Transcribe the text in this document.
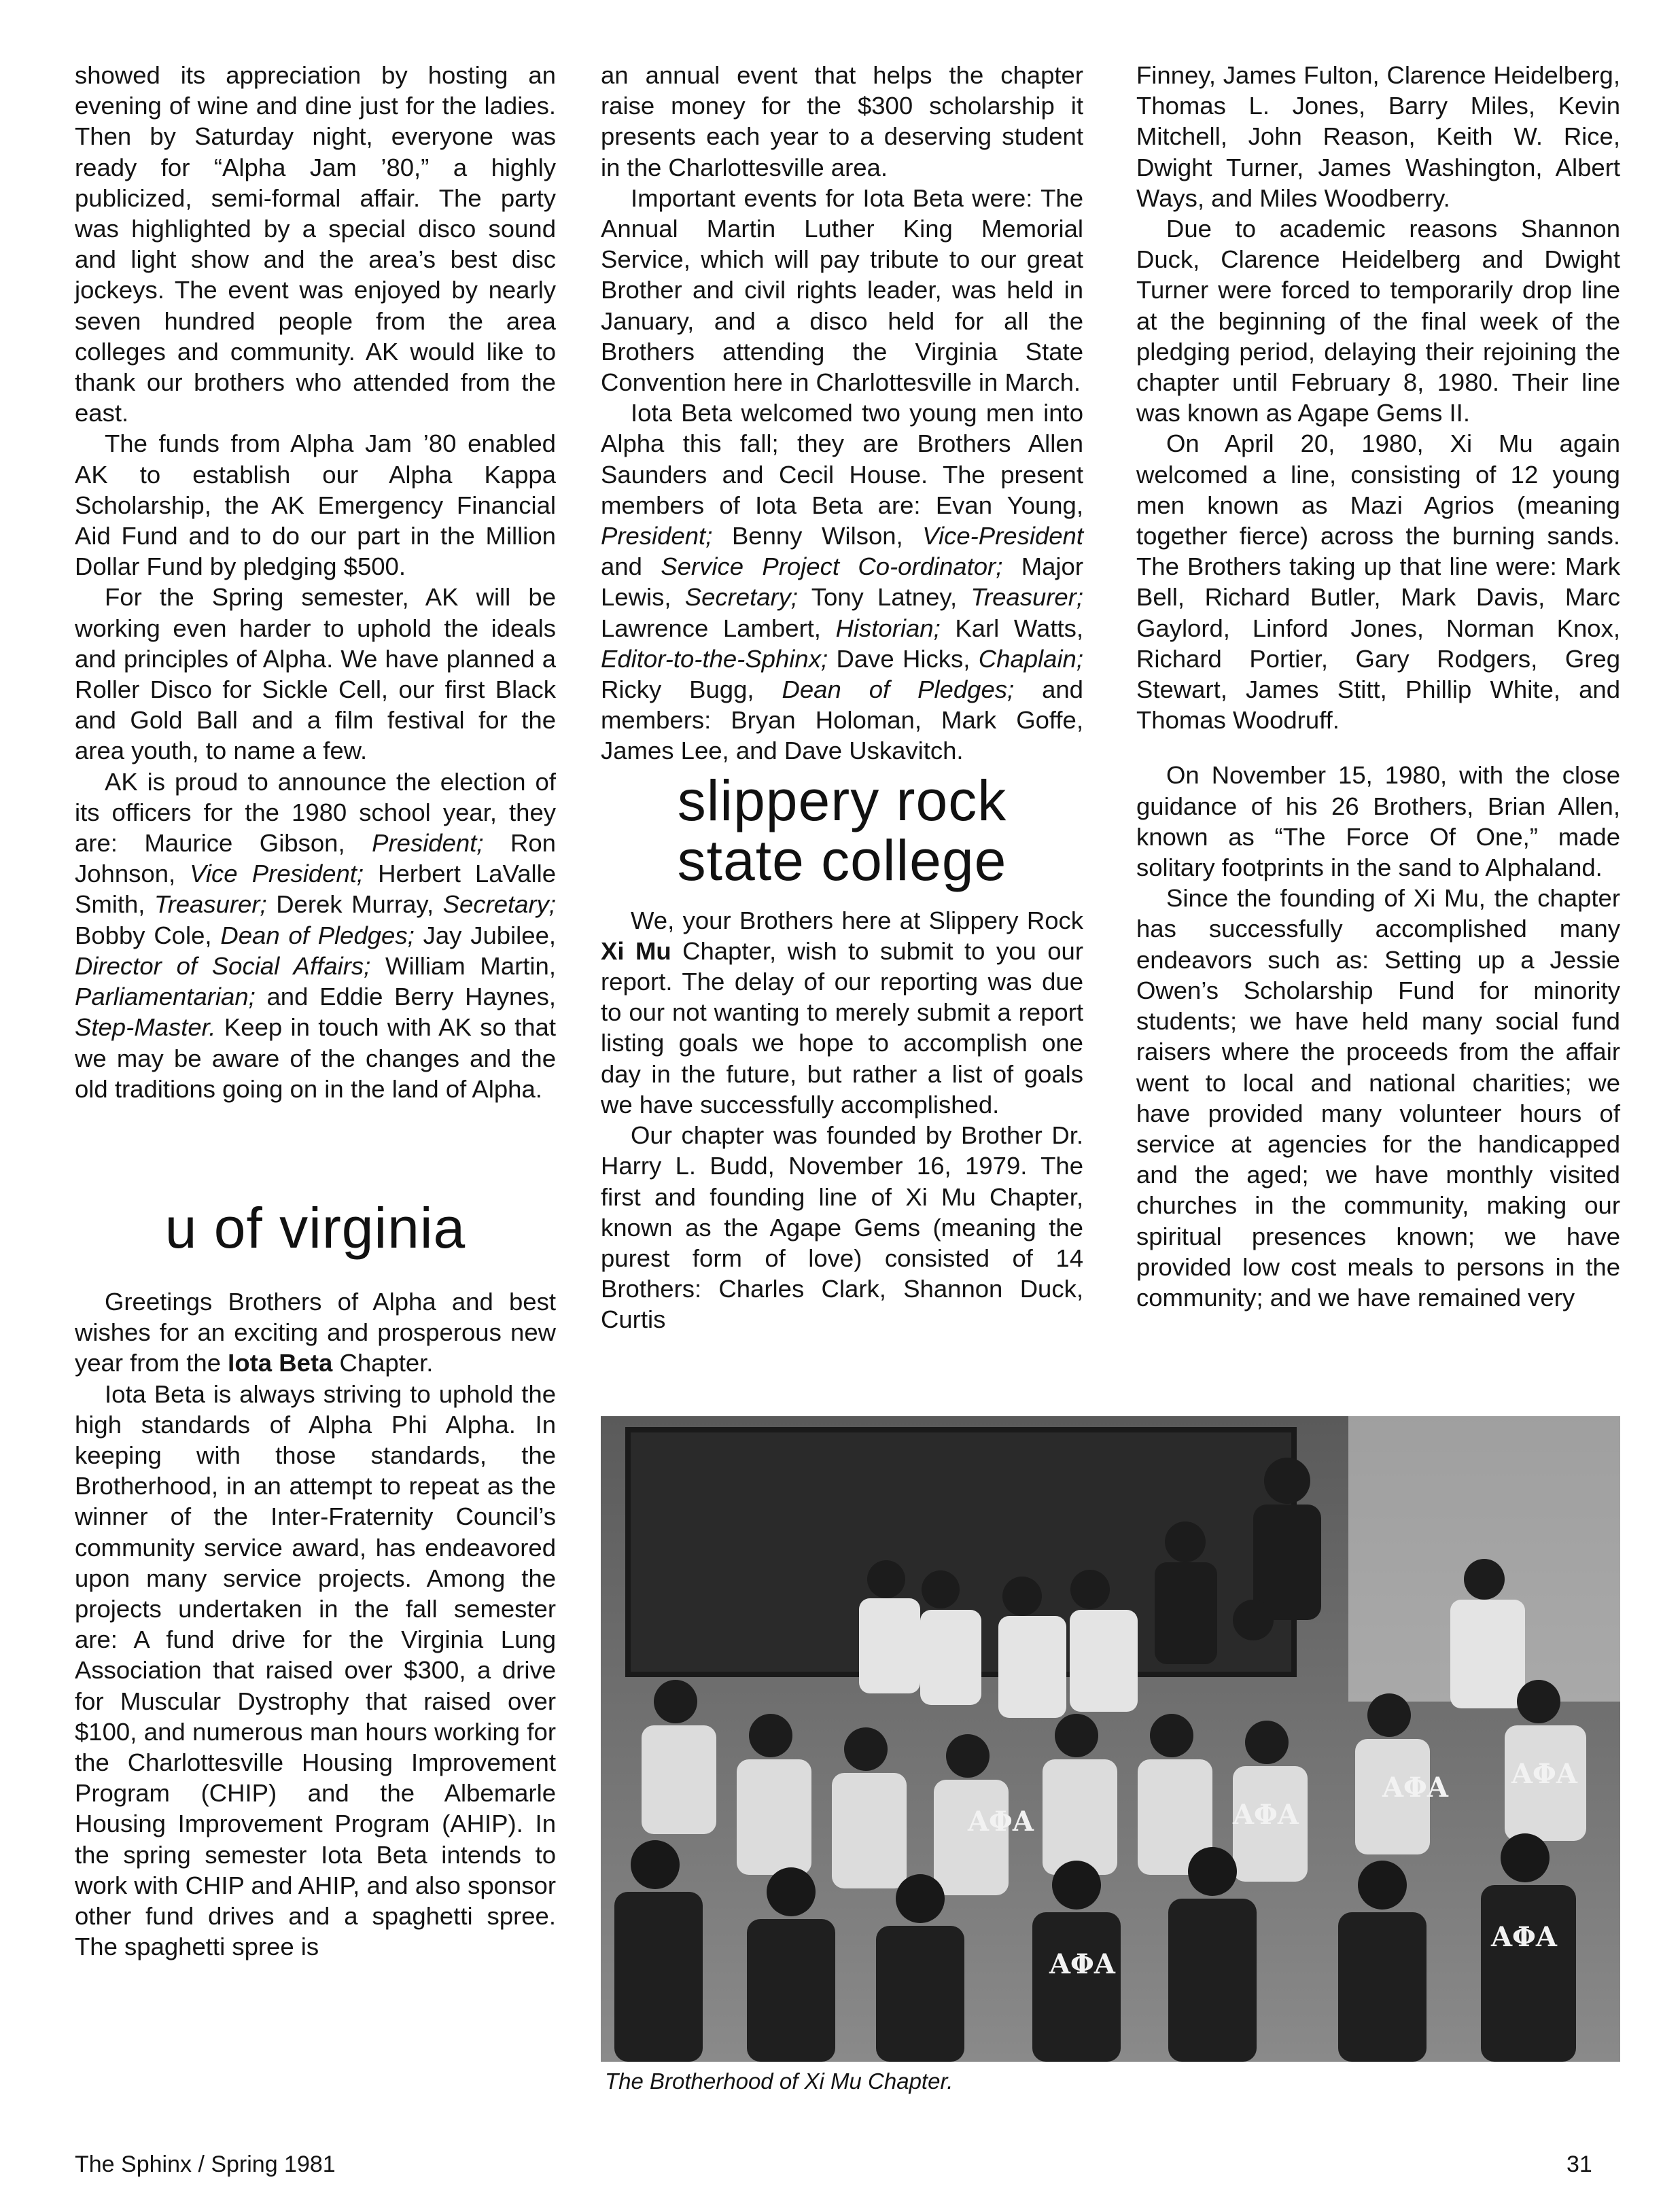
showed its appreciation by hosting an evening of wine and dine just for the ladies. Then by Saturday night, everyone was ready for “Alpha Jam ’80,” a highly publicized, semi-formal affair. The party was highlighted by a special disco sound and light show and the area’s best disc jockeys. The event was enjoyed by nearly seven hundred people from the area colleges and community. AK would like to thank our brothers who attended from the east.

The funds from Alpha Jam ’80 enabled AK to establish our Alpha Kappa Scholarship, the AK Emergency Financial Aid Fund and to do our part in the Million Dollar Fund by pledging $500.

For the Spring semester, AK will be working even harder to uphold the ideals and principles of Alpha. We have planned a Roller Disco for Sickle Cell, our first Black and Gold Ball and a film festival for the area youth, to name a few.

AK is proud to announce the election of its officers for the 1980 school year, they are: Maurice Gibson, President; Ron Johnson, Vice President; Herbert LaValle Smith, Treasurer; Derek Murray, Secretary; Bobby Cole, Dean of Pledges; Jay Jubilee, Director of Social Affairs; William Martin, Parliamentarian; and Eddie Berry Haynes, Step-Master. Keep in touch with AK so that we may be aware of the changes and the old traditions going on in the land of Alpha.

u of virginia

Greetings Brothers of Alpha and best wishes for an exciting and prosperous new year from the Iota Beta Chapter.

Iota Beta is always striving to uphold the high standards of Alpha Phi Alpha. In keeping with those standards, the Brotherhood, in an attempt to repeat as the winner of the Inter-Fraternity Council’s community service award, has endeavored upon many service projects. Among the projects undertaken in the fall semester are: A fund drive for the Virginia Lung Association that raised over $300, a drive for Muscular Dystrophy that raised over $100, and numerous man hours working for the Charlottesville Housing Improvement Program (CHIP) and the Albemarle Housing Improvement Program (AHIP). In the spring semester Iota Beta intends to work with CHIP and AHIP, and also sponsor other fund drives and a spaghetti spree. The spaghetti spree is

an annual event that helps the chapter raise money for the $300 scholarship it presents each year to a deserving student in the Charlottesville area.

Important events for Iota Beta were: The Annual Martin Luther King Memorial Service, which will pay tribute to our great Brother and civil rights leader, was held in January, and a disco held for all the Brothers attending the Virginia State Convention here in Charlottesville in March.

Iota Beta welcomed two young men into Alpha this fall; they are Brothers Allen Saunders and Cecil House. The present members of Iota Beta are: Evan Young, President; Benny Wilson, Vice-President and Service Project Co-ordinator; Major Lewis, Secretary; Tony Latney, Treasurer; Lawrence Lambert, Historian; Karl Watts, Editor-to-the-Sphinx; Dave Hicks, Chaplain; Ricky Bugg, Dean of Pledges; and members: Bryan Holoman, Mark Goffe, James Lee, and Dave Uskavitch.

slippery rock
state college

We, your Brothers here at Slippery Rock Xi Mu Chapter, wish to submit to you our report. The delay of our reporting was due to our not wanting to merely submit a report listing goals we hope to accomplish one day in the future, but rather a list of goals we have successfully accomplished.

Our chapter was founded by Brother Dr. Harry L. Budd, November 16, 1979. The first and founding line of Xi Mu Chapter, known as the Agape Gems (meaning the purest form of love) consisted of 14 Brothers: Charles Clark, Shannon Duck, Curtis

Finney, James Fulton, Clarence Heidelberg, Thomas L. Jones, Barry Miles, Kevin Mitchell, John Reason, Keith W. Rice, Dwight Turner, James Washington, Albert Ways, and Miles Woodberry.

Due to academic reasons Shannon Duck, Clarence Heidelberg and Dwight Turner were forced to temporarily drop line at the beginning of the final week of the pledging period, delaying their rejoining the chapter until February 8, 1980. Their line was known as Agape Gems II.

On April 20, 1980, Xi Mu again welcomed a line, consisting of 12 young men known as Mazi Agrios (meaning together fierce) across the burning sands. The Brothers taking up that line were: Mark Bell, Richard Butler, Mark Davis, Marc Gaylord, Linford Jones, Norman Knox, Richard Portier, Gary Rodgers, Greg Stewart, James Stitt, Phillip White, and Thomas Woodruff.

On November 15, 1980, with the close guidance of his 26 Brothers, Brian Allen, known as “The Force Of One,” made solitary footprints in the sand to Alphaland.

Since the founding of Xi Mu, the chapter has successfully accomplished many endeavors such as: Setting up a Jessie Owen’s Scholarship Fund for minority students; we have held many social fund raisers where the proceeds from the affair went to local and national charities; we have provided many volunteer hours of service at agencies for the handicapped and the aged; we have monthly visited churches in the community, making our spiritual presences known; we have provided low cost meals to persons in the community; and we have remained very

ΑΦΑ	ΑΦΑ
ΑΦΑ ΑΦΑ
ΑΦΑ
ΑΦΑ
The Brotherhood of Xi Mu Chapter.
The Sphinx / Spring 1981	31
